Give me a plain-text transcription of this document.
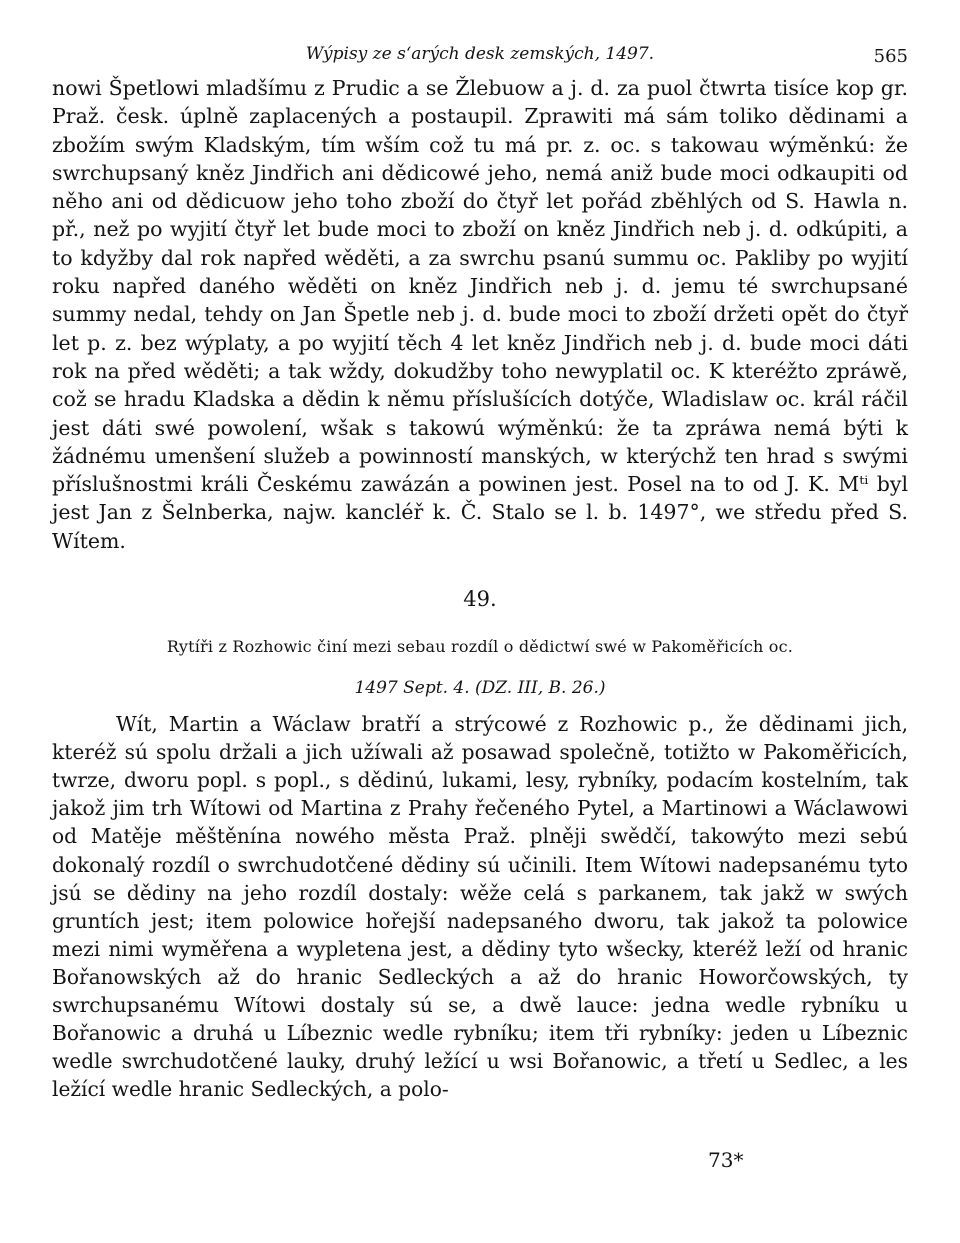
Wýpisy ze s‘arých desk zemských, 1497.	565

nowi Špetlowi mladšímu z Prudic a se Žlebuow a j. d. za puol čtwrta tisíce kop gr. Praž. česk. úplně zaplacených a postaupil. Zprawiti má sám toliko dědinami a zbožím swým Kladským, tím wším což tu má pr. z. oc. s takowau wýměnkú: že swrchupsaný kněz Jindřich ani dědicowé jeho, nemá aniž bude moci odkaupiti od něho ani od dědicuow jeho toho zboží do čtyř let pořád zběhlých od S. Hawla n. př., než po wyjití čtyř let bude moci to zboží on kněz Jindřich neb j. d. odkúpiti, a to kdyžby dal rok napřed wěděti, a za swrchu psanú summu oc. Pakliby po wyjití roku napřed daného wěděti on kněz Jindřich neb j. d. jemu té swrchupsané summy nedal, tehdy on Jan Špetle neb j. d. bude moci to zboží držeti opět do čtyř let p. z. bez wýplaty, a po wyjití těch 4 let kněz Jindřich neb j. d. bude moci dáti rok na před wěděti; a tak wždy, dokudžby toho newyplatil oc. K kteréžto zpráwě, což se hradu Kladska a dědin k němu příslušících dotýče, Wladislaw oc. král ráčil jest dáti swé powolení, wšak s takowú wýměnkú: že ta zpráwa nemá býti k žádnému umenšení služeb a powinností manských, w kterýchž ten hrad s swými příslušnostmi králi Českému zawázán a powinen jest. Posel na to od J. K. Mᵗⁱ byl jest Jan z Šelnberka, najw. kancléř k. Č. Stalo se l. b. 1497°, we středu před S. Wítem.

49.
Rytíři z Rozhowic činí mezi sebau rozdíl o dědictwí swé w Pakoměřicích oc.
1497 Sept. 4. (DZ. III, B. 26.)

Wít, Martin a Wáclaw bratří a strýcowé z Rozhowic p., že dědinami jich, kteréž sú spolu držali a jich užíwali až posawad společně, totižto w Pakoměřicích, twrze, dworu popl. s popl., s dědinú, lukami, lesy, rybníky, podacím kostelním, tak jakož jim trh Wítowi od Martina z Prahy řečeného Pytel, a Martinowi a Wáclawowi od Matěje měštěnína nowého města Praž. plněji swědčí, takowýto mezi sebú dokonalý rozdíl o swrchudotčené dědiny sú učinili. Item Wítowi nadepsanému tyto jsú se dědiny na jeho rozdíl dostaly: wěže celá s parkanem, tak jakž w swých gruntích jest; item polowice hořejší nadepsaného dworu, tak jakož ta polowice mezi nimi wyměřena a wypletena jest, a dědiny tyto wšecky, kteréž leží od hranic Bořanowských až do hranic Sedleckých a až do hranic Howorčowských, ty swrchupsanému Wítowi dostaly sú se, a dwě lauce: jedna wedle rybníku u Bořanowic a druhá u Líbeznic wedle rybníku; item tři rybníky: jeden u Líbeznic wedle swrchudotčené lauky, druhý ležící u wsi Bořanowic, a třetí u Sedlec, a les ležící wedle hranic Sedleckých, a polo-

73*
